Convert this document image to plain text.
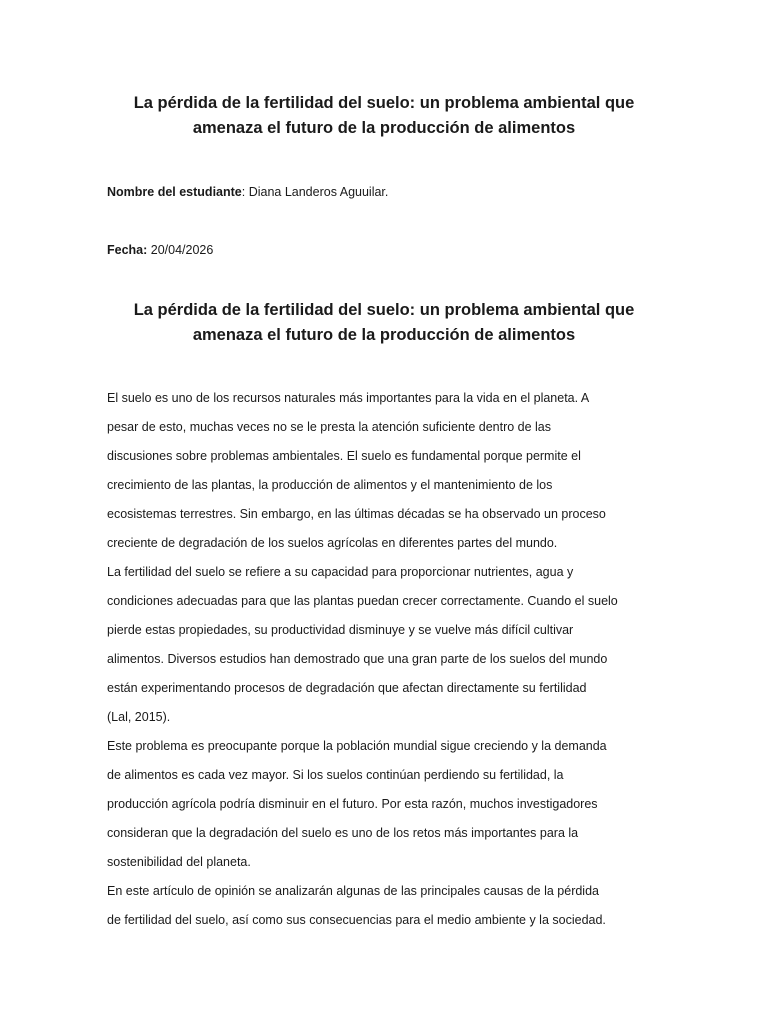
La pérdida de la fertilidad del suelo: un problema ambiental que
amenaza el futuro de la producción de alimentos

Nombre del estudiante: Diana Landeros Aguuilar.

Fecha: 20/04/2026

La pérdida de la fertilidad del suelo: un problema ambiental que
amenaza el futuro de la producción de alimentos
El suelo es uno de los recursos naturales más importantes para la vida en el planeta. A
pesar de esto, muchas veces no se le presta la atención suficiente dentro de las
discusiones sobre problemas ambientales. El suelo es fundamental porque permite el
crecimiento de las plantas, la producción de alimentos y el mantenimiento de los
ecosistemas terrestres. Sin embargo, en las últimas décadas se ha observado un proceso
creciente de degradación de los suelos agrícolas en diferentes partes del mundo.
La fertilidad del suelo se refiere a su capacidad para proporcionar nutrientes, agua y
condiciones adecuadas para que las plantas puedan crecer correctamente. Cuando el suelo
pierde estas propiedades, su productividad disminuye y se vuelve más difícil cultivar
alimentos. Diversos estudios han demostrado que una gran parte de los suelos del mundo
están experimentando procesos de degradación que afectan directamente su fertilidad
(Lal, 2015).
Este problema es preocupante porque la población mundial sigue creciendo y la demanda
de alimentos es cada vez mayor. Si los suelos continúan perdiendo su fertilidad, la
producción agrícola podría disminuir en el futuro. Por esta razón, muchos investigadores
consideran que la degradación del suelo es uno de los retos más importantes para la
sostenibilidad del planeta.
En este artículo de opinión se analizarán algunas de las principales causas de la pérdida
de fertilidad del suelo, así como sus consecuencias para el medio ambiente y la sociedad.
